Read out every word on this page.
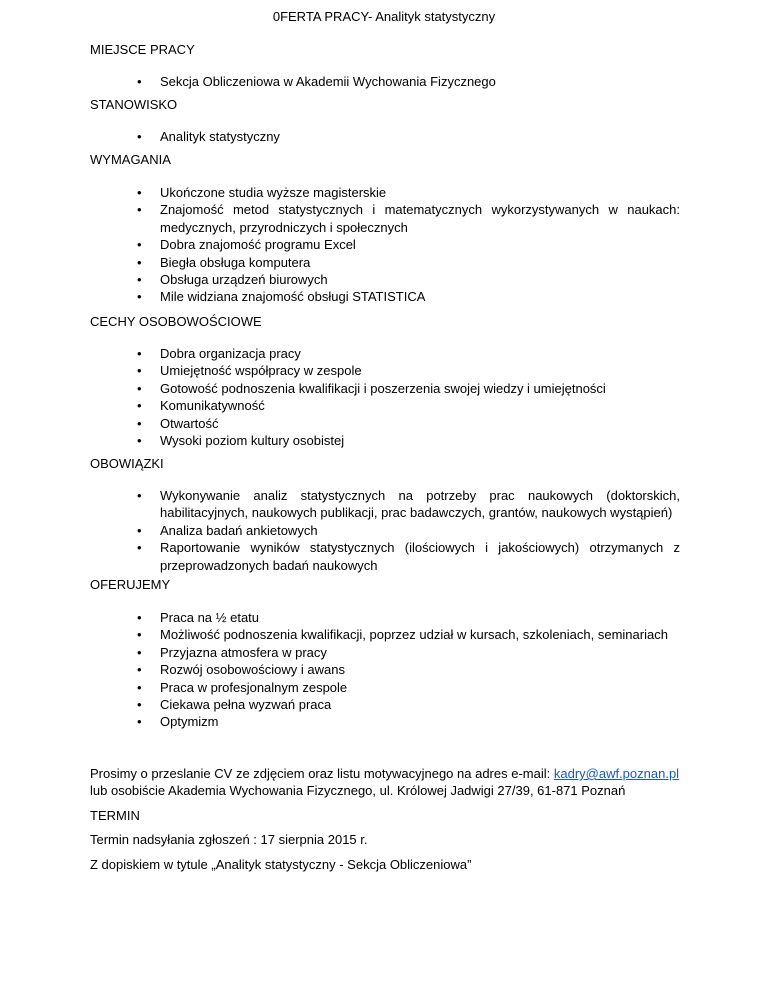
0FERTA PRACY- Analityk statystyczny

MIEJSCE PRACY

• Sekcja Obliczeniowa w Akademii Wychowania Fizycznego

STANOWISKO

• Analityk statystyczny

WYMAGANIA

• Ukończone studia wyższe magisterskie
• Znajomość metod statystycznych i matematycznych wykorzystywanych w naukach: medycznych, przyrodniczych i społecznych
• Dobra znajomość programu Excel
• Biegła obsługa komputera
• Obsługa urządzeń biurowych
• Mile widziana znajomość obsługi STATISTICA

CECHY OSOBOWOŚCIOWE

• Dobra organizacja pracy
• Umiejętność współpracy w zespole
• Gotowość podnoszenia kwalifikacji i poszerzenia swojej wiedzy i umiejętności
• Komunikatywność
• Otwartość
• Wysoki poziom kultury osobistej

OBOWIĄZKI

• Wykonywanie analiz statystycznych na potrzeby prac naukowych (doktorskich, habilitacyjnych, naukowych publikacji, prac badawczych, grantów, naukowych wystąpień)
• Analiza badań ankietowych
• Raportowanie wyników statystycznych (ilościowych i jakościowych) otrzymanych z przeprowadzonych badań naukowych

OFERUJEMY

• Praca na ½ etatu
• Możliwość podnoszenia kwalifikacji, poprzez udział w kursach, szkoleniach, seminariach
• Przyjazna atmosfera w pracy
• Rozwój osobowościowy i awans
• Praca w profesjonalnym zespole
• Ciekawa pełna wyzwań praca
• Optymizm
Prosimy o przeslanie CV ze zdjęciem oraz listu motywacyjnego na adres e-mail: kadry@awf.poznan.pl
lub osobiście Akademia Wychowania Fizycznego, ul. Królowej Jadwigi 27/39, 61-871 Poznań
TERMIN
Termin nadsyłania zgłoszeń : 17 sierpnia 2015 r.
Z dopiskiem w tytule „Analityk statystyczny - Sekcja Obliczeniowa”
